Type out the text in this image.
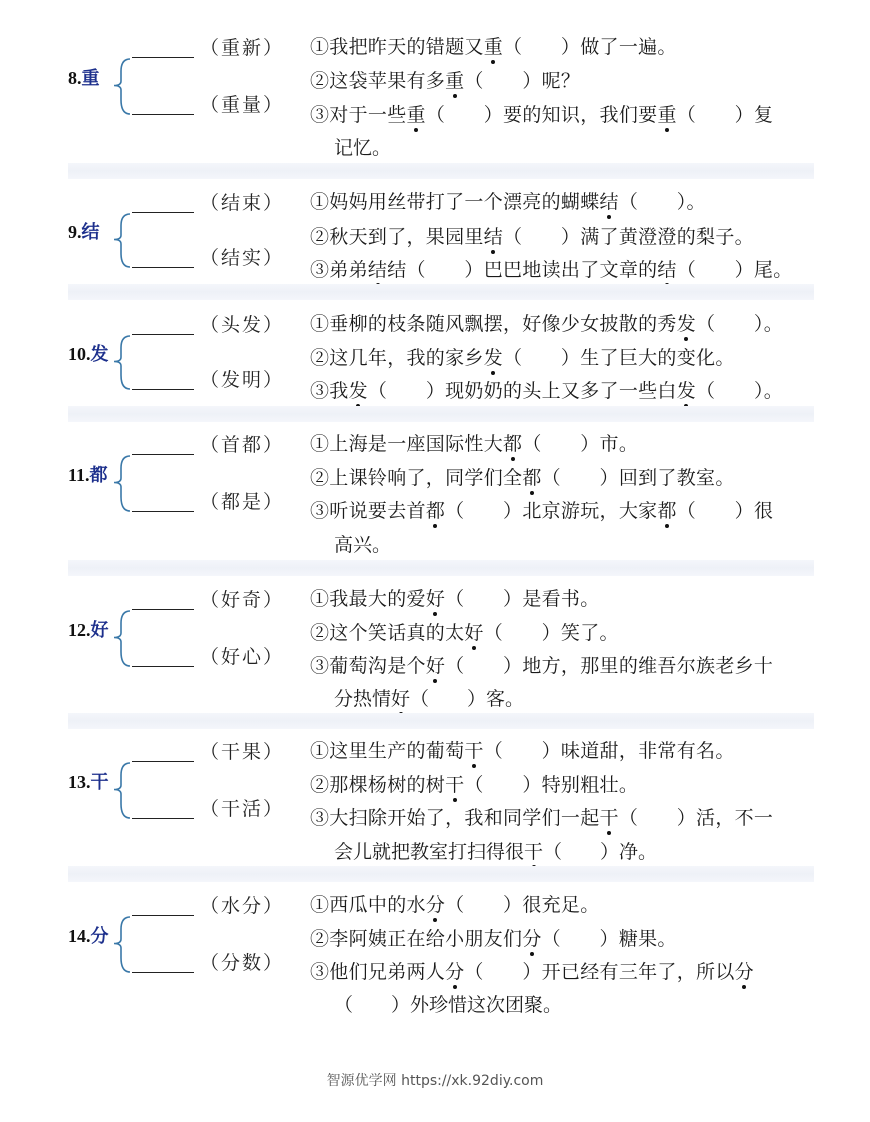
8.重
（重新）
（重量）
①我把昨天的错题又重（　　）做了一遍。
②这袋苹果有多重（　　）呢？
③对于一些重（　　）要的知识，我们要重（　　）复
记忆。
9.结
（结束）
（结实）
①妈妈用丝带打了一个漂亮的蝴蝶结（　　）。
②秋天到了，果园里结（　　）满了黄澄澄的梨子。
③弟弟结结（　　）巴巴地读出了文章的结（　　）尾。
10.发
（头发）
（发明）
①垂柳的枝条随风飘摆，好像少女披散的秀发（　　）。
②这几年，我的家乡发（　　）生了巨大的变化。
③我发（　　）现奶奶的头上又多了一些白发（　　）。
11.都
（首都）
（都是）
①上海是一座国际性大都（　　）市。
②上课铃响了，同学们全都（　　）回到了教室。
③听说要去首都（　　）北京游玩，大家都（　　）很
高兴。
12.好
（好奇）
（好心）
①我最大的爱好（　　）是看书。
②这个笑话真的太好（　　）笑了。
③葡萄沟是个好（　　）地方，那里的维吾尔族老乡十
分热情好（　　）客。
13.干
（干果）
（干活）
①这里生产的葡萄干（　　）味道甜，非常有名。
②那棵杨树的树干（　　）特别粗壮。
③大扫除开始了，我和同学们一起干（　　）活，不一
会儿就把教室打扫得很干（　　）净。
14.分
（水分）
（分数）
①西瓜中的水分（　　）很充足。
②李阿姨正在给小朋友们分（　　）糖果。
③他们兄弟两人分（　　）开已经有三年了，所以分
（　　）外珍惜这次团聚。
智源优学网 https://xk.92diy.com
